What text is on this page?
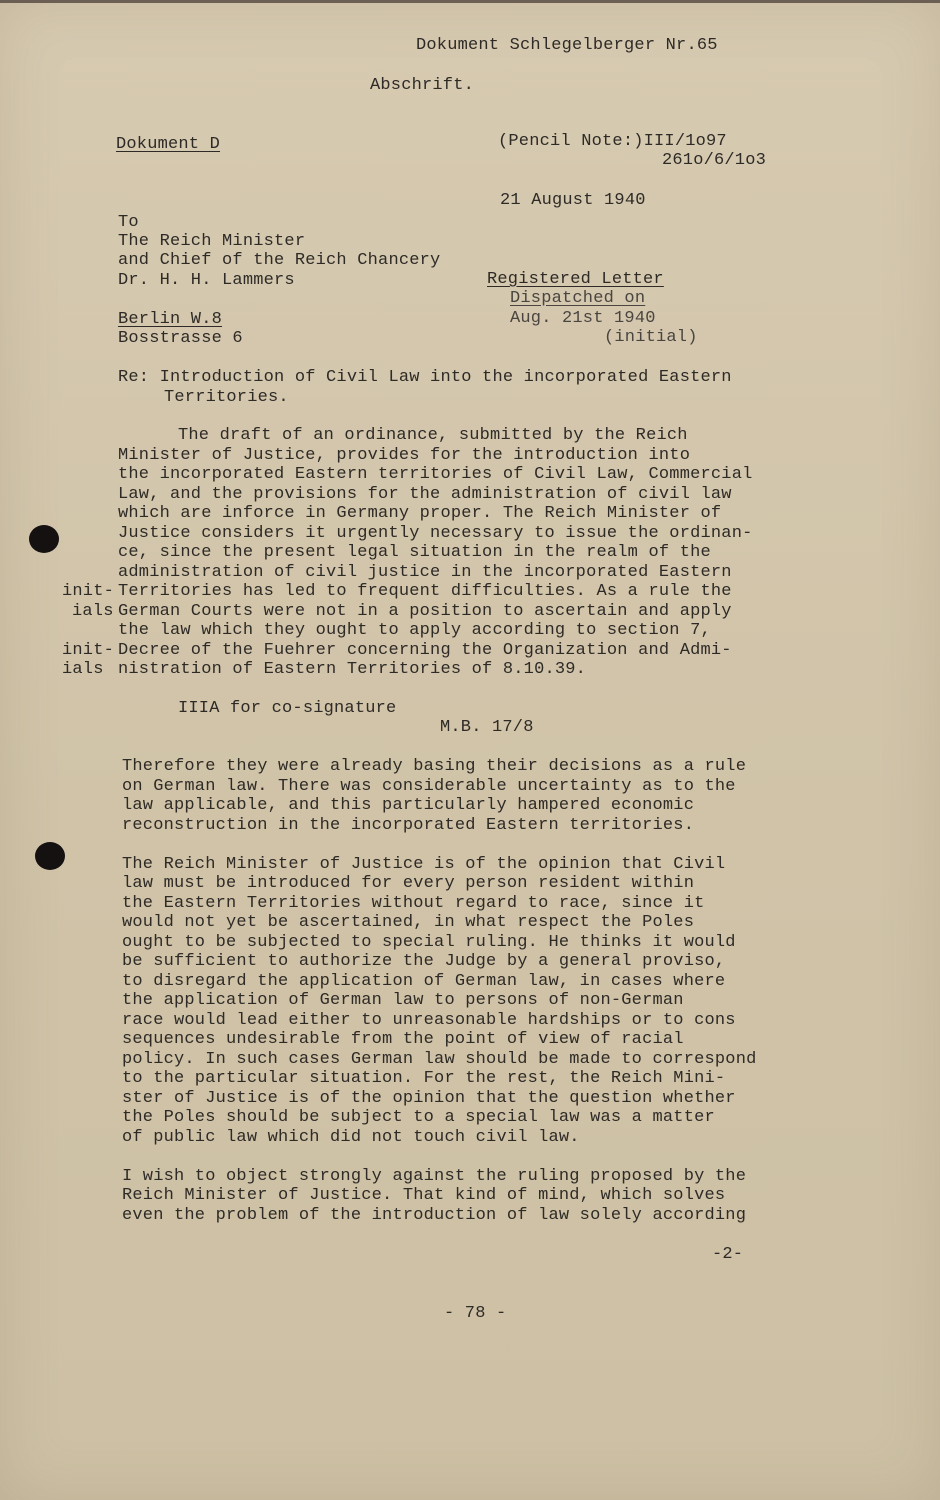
Dokument Schlegelberger Nr.65
Abschrift.
Dokument D	(Pencil Note:)III/1o97
261o/6/1o3
21 August 1940
To
The Reich Minister
and Chief of the Reich Chancery
Dr. H. H. Lammers
Berlin W.8
Bosstrasse 6
Registered Letter
Dispatched on
Aug. 21st 1940
(initial)
Re: Introduction of Civil Law into the incorporated Eastern
Territories.
The draft of an ordinance, submitted by the Reich
Minister of Justice, provides for the introduction into
the incorporated Eastern territories of Civil Law, Commercial
Law, and the provisions for the administration of civil law
which are inforce in Germany proper. The Reich Minister of
Justice considers it urgently necessary to issue the ordinan-
ce, since the present legal situation in the realm of the
administration of civil justice in the incorporated Eastern
Territories has led to frequent difficulties. As a rule the
German Courts were not in a position to ascertain and apply
the law which they ought to apply according to section 7,
Decree of the Fuehrer concerning the Organization and Admi-
nistration of Eastern Territories of 8.10.39.
init-
ials
init-
ials
IIIA for co-signature
M.B. 17/8
Therefore they were already basing their decisions as a rule
on German law. There was considerable uncertainty as to the
law applicable, and this particularly hampered economic
reconstruction in the incorporated Eastern territories.
The Reich Minister of Justice is of the opinion that Civil
law must be introduced for every person resident within
the Eastern Territories without regard to race, since it
would not yet be ascertained, in what respect the Poles
ought to be subjected to special ruling. He thinks it would
be sufficient to authorize the Judge by a general proviso,
to disregard the application of German law, in cases where
the application of German law to persons of non-German
race would lead either to unreasonable hardships or to cons
sequences undesirable from the point of view of racial
policy. In such cases German law should be made to correspond
to the particular situation. For the rest, the Reich Mini-
ster of Justice is of the opinion that the question whether
the Poles should be subject to a special law was a matter
of public law which did not touch civil law.
I wish to object strongly against the ruling proposed by the
Reich Minister of Justice. That kind of mind, which solves
even the problem of the introduction of law solely according
-2-
- 78 -
